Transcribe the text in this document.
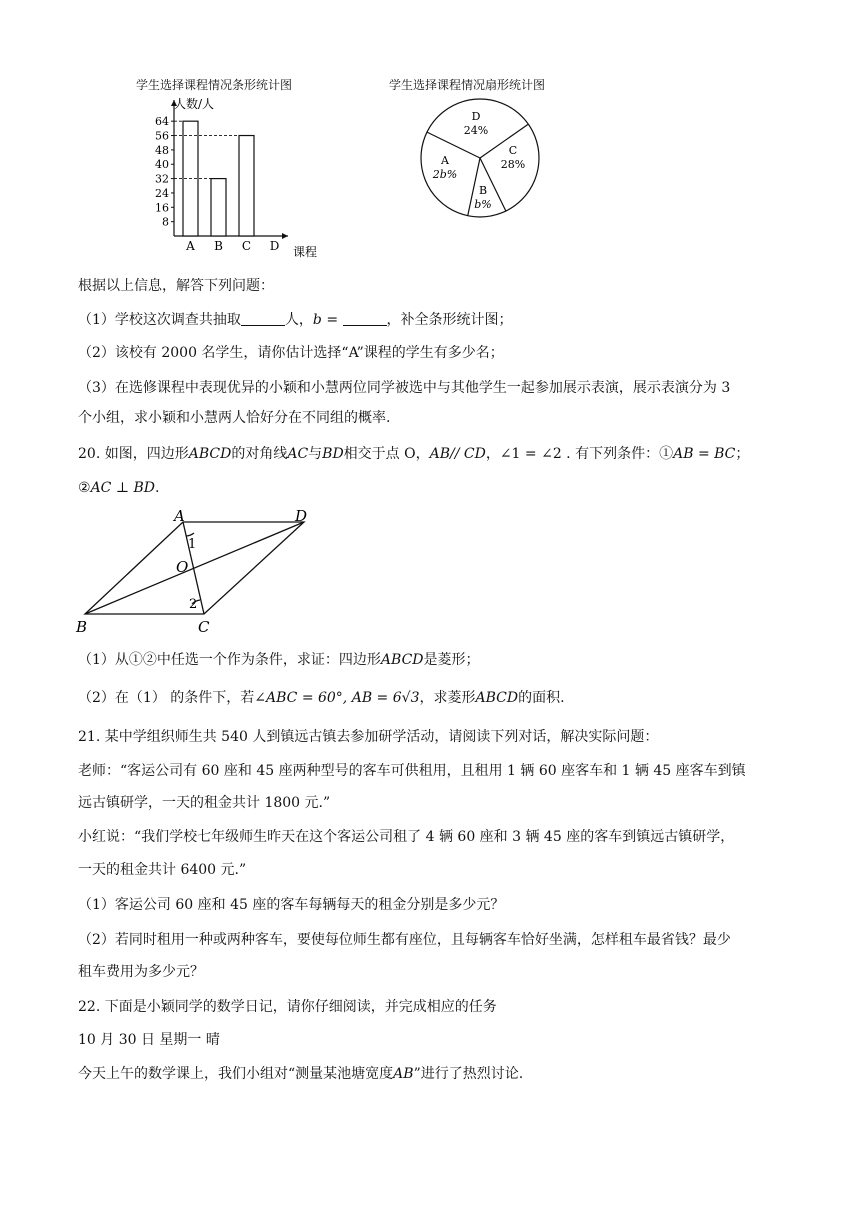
学生选择课程情况条形统计图	学生选择课程情况扇形统计图
8
16
24
32
40
48
56
64
A B C D
人数/人
课程
D
24%
C
28%
B
b%
A
2b%
根据以上信息，解答下列问题：
（1）学校这次调查共抽取	人，b =	，补全条形统计图；
（2）该校有 2000 名学生，请你估计选择“A”课程的学生有多少名；
（3）在选修课程中表现优异的小颖和小慧两位同学被选中与其他学生一起参加展示表演，展示表演分为 3
个小组，求小颖和小慧两人恰好分在不同组的概率.
20. 如图，四边形ABCD的对角线AC与BD相交于点 O，AB// CD，∠1 = ∠2 . 有下列条件：①AB = BC；
②AC ⊥ BD.
A	D
B	C
O
1
2
（1）从①②中任选一个作为条件，求证：四边形ABCD是菱形；
（2）在（1） 的条件下，若∠ABC = 60°, AB = 6√3，求菱形ABCD的面积.
21. 某中学组织师生共 540 人到镇远古镇去参加研学活动，请阅读下列对话，解决实际问题：
老师：“客运公司有 60 座和 45 座两种型号的客车可供租用，且租用 1 辆 60 座客车和 1 辆 45 座客车到镇
远古镇研学，一天的租金共计 1800 元.”
小红说：“我们学校七年级师生昨天在这个客运公司租了 4 辆 60 座和 3 辆 45 座的客车到镇远古镇研学，
一天的租金共计 6400 元.”
（1）客运公司 60 座和 45 座的客车每辆每天的租金分别是多少元？
（2）若同时租用一种或两种客车，要使每位师生都有座位，且每辆客车恰好坐满，怎样租车最省钱？最少
租车费用为多少元？
22. 下面是小颖同学的数学日记，请你仔细阅读，并完成相应的任务
10 月 30 日 星期一 晴
今天上午的数学课上，我们小组对“测量某池塘宽度AB”进行了热烈讨论.
